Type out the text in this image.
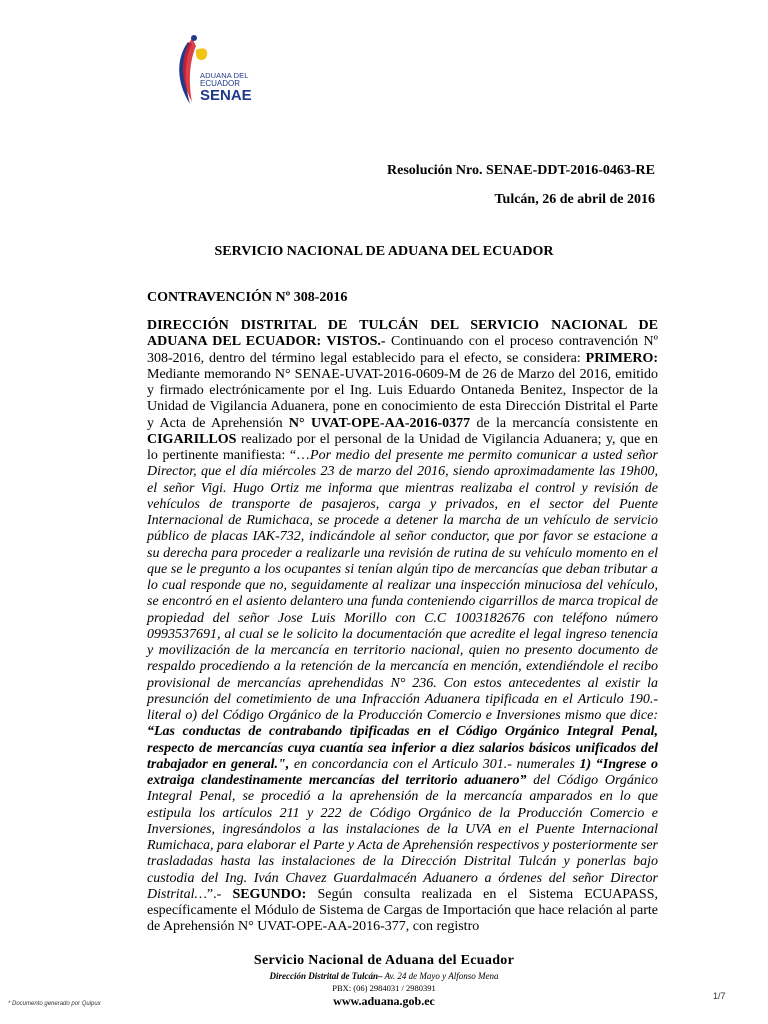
ADUANA DEL
ECUADOR
SENAE
Resolución Nro. SENAE-DDT-2016-0463-RE
Tulcán, 26 de abril de 2016
SERVICIO NACIONAL DE ADUANA DEL ECUADOR
CONTRAVENCIÓN Nº 308-2016
DIRECCIÓN DISTRITAL DE TULCÁN DEL SERVICIO NACIONAL DE ADUANA DEL ECUADOR: VISTOS.- Continuando con el proceso contravención Nº 308-2016, dentro del término legal establecido para el efecto, se considera: PRIMERO: Mediante memorando N° SENAE-UVAT-2016-0609-M de 26 de Marzo del 2016, emitido y firmado electrónicamente por el Ing. Luis Eduardo Ontaneda Benitez, Inspector de la Unidad de Vigilancia Aduanera, pone en conocimiento de esta Dirección Distrital el Parte y Acta de Aprehensión N° UVAT-OPE-AA-2016-0377 de la mercancía consistente en CIGARILLOS realizado por el personal de la Unidad de Vigilancia Aduanera; y, que en lo pertinente manifiesta: “…Por medio del presente me permito comunicar a usted señor Director, que el día miércoles 23 de marzo del 2016, siendo aproximadamente las 19h00, el señor Vigi. Hugo Ortiz me informa que mientras realizaba el control y revisión de vehículos de transporte de pasajeros, carga y privados, en el sector del Puente Internacional de Rumichaca, se procede a detener la marcha de un vehículo de servicio público de placas IAK-732, indicándole al señor conductor, que por favor se estacione a su derecha para proceder a realizarle una revisión de rutina de su vehículo momento en el que se le pregunto a los ocupantes si tenían algún tipo de mercancías que deban tributar a lo cual responde que no, seguidamente al realizar una inspección minuciosa del vehículo, se encontró en el asiento delantero una funda conteniendo cigarrillos de marca tropical de propiedad del señor Jose Luis Morillo con C.C 1003182676 con teléfono número 0993537691, al cual se le solicito la documentación que acredite el legal ingreso tenencia y movilización de la mercancía en territorio nacional, quien no presento documento de respaldo procediendo a la retención de la mercancía en mención, extendiéndole el recibo provisional de mercancías aprehendidas N° 236. Con estos antecedentes al existir la presunción del cometimiento de una Infracción Aduanera tipificada en el Articulo 190.- literal o) del Código Orgánico de la Producción Comercio e Inversiones mismo que dice: “Las conductas de contrabando tipificadas en el Código Orgánico Integral Penal, respecto de mercancías cuya cuantía sea inferior a diez salarios básicos unificados del trabajador en general.", en concordancia con el Articulo 301.- numerales 1) “Ingrese o extraiga clandestinamente mercancías del territorio aduanero” del Código Orgánico Integral Penal, se procedió a la aprehensión de la mercancía amparados en lo que estipula los artículos 211 y 222 de Código Orgánico de la Producción Comercio e Inversiones, ingresándolos a las instalaciones de la UVA en el Puente Internacional Rumichaca, para elaborar el Parte y Acta de Aprehensión respectivos y posteriormente ser trasladadas hasta las instalaciones de la Dirección Distrital Tulcán y ponerlas bajo custodia del Ing. Iván Chavez Guardalmacén Aduanero a órdenes del señor Director Distrital…”.- SEGUNDO: Según consulta realizada en el Sistema ECUAPASS, específicamente el Módulo de Sistema de Cargas de Importación que hace relación al parte de Aprehensión N° UVAT-OPE-AA-2016-377, con registro
Servicio Nacional de Aduana del Ecuador
Dirección Distrital de Tulcán– Av. 24 de Mayo y Alfonso Mena
PBX: (06) 2984031 / 2980391
www.aduana.gob.ec
* Documento generado por Quipux
1/7
